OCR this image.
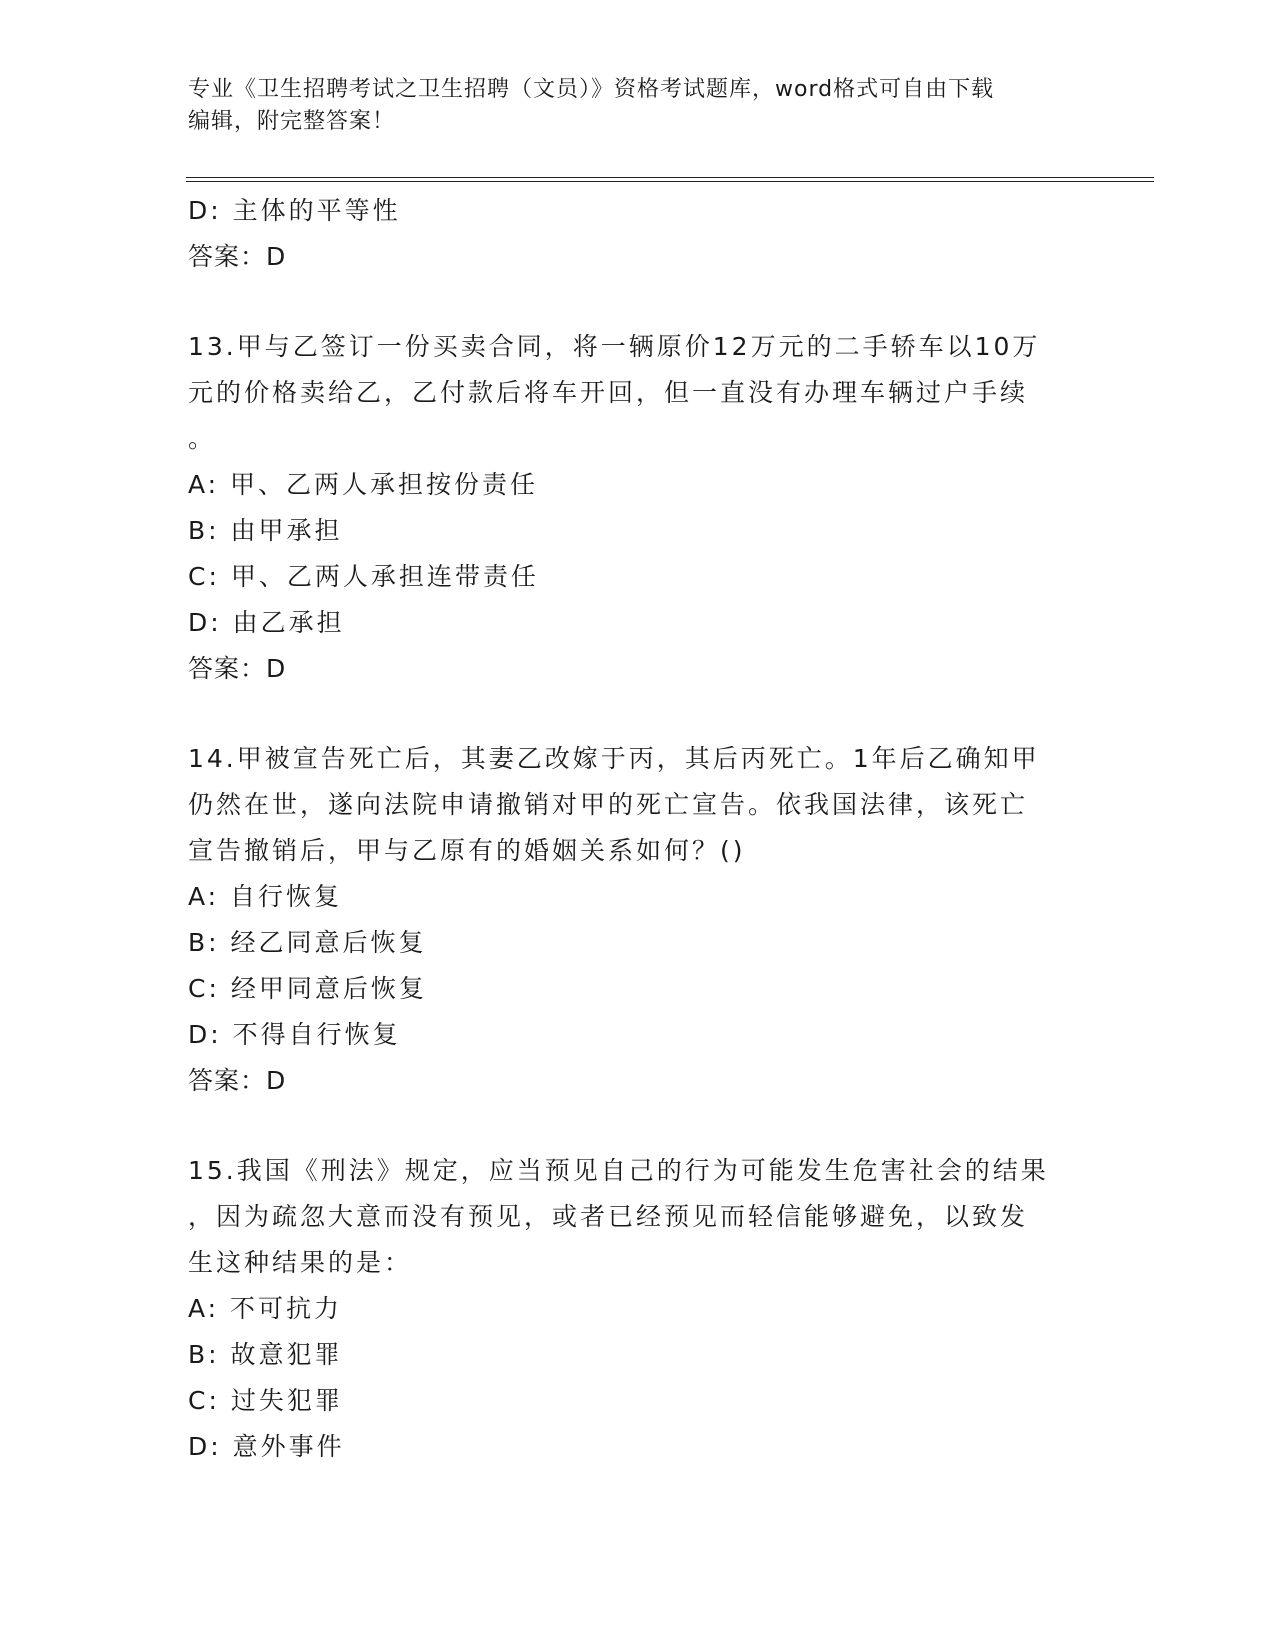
专业《卫生招聘考试之卫生招聘（文员）》资格考试题库，word格式可自由下载
编辑，附完整答案！
D: 主体的平等性
答案：D
13.甲与乙签订一份买卖合同，将一辆原价12万元的二手轿车以10万
元的价格卖给乙，乙付款后将车开回，但一直没有办理车辆过户手续
。
A: 甲、乙两人承担按份责任
B: 由甲承担
C: 甲、乙两人承担连带责任
D: 由乙承担
答案：D
14.甲被宣告死亡后，其妻乙改嫁于丙，其后丙死亡。1年后乙确知甲
仍然在世，遂向法院申请撤销对甲的死亡宣告。依我国法律，该死亡
宣告撤销后，甲与乙原有的婚姻关系如何？()
A: 自行恢复
B: 经乙同意后恢复
C: 经甲同意后恢复
D: 不得自行恢复
答案：D
15.我国《刑法》规定，应当预见自己的行为可能发生危害社会的结果
，因为疏忽大意而没有预见，或者已经预见而轻信能够避免，以致发
生这种结果的是：
A: 不可抗力
B: 故意犯罪
C: 过失犯罪
D: 意外事件
